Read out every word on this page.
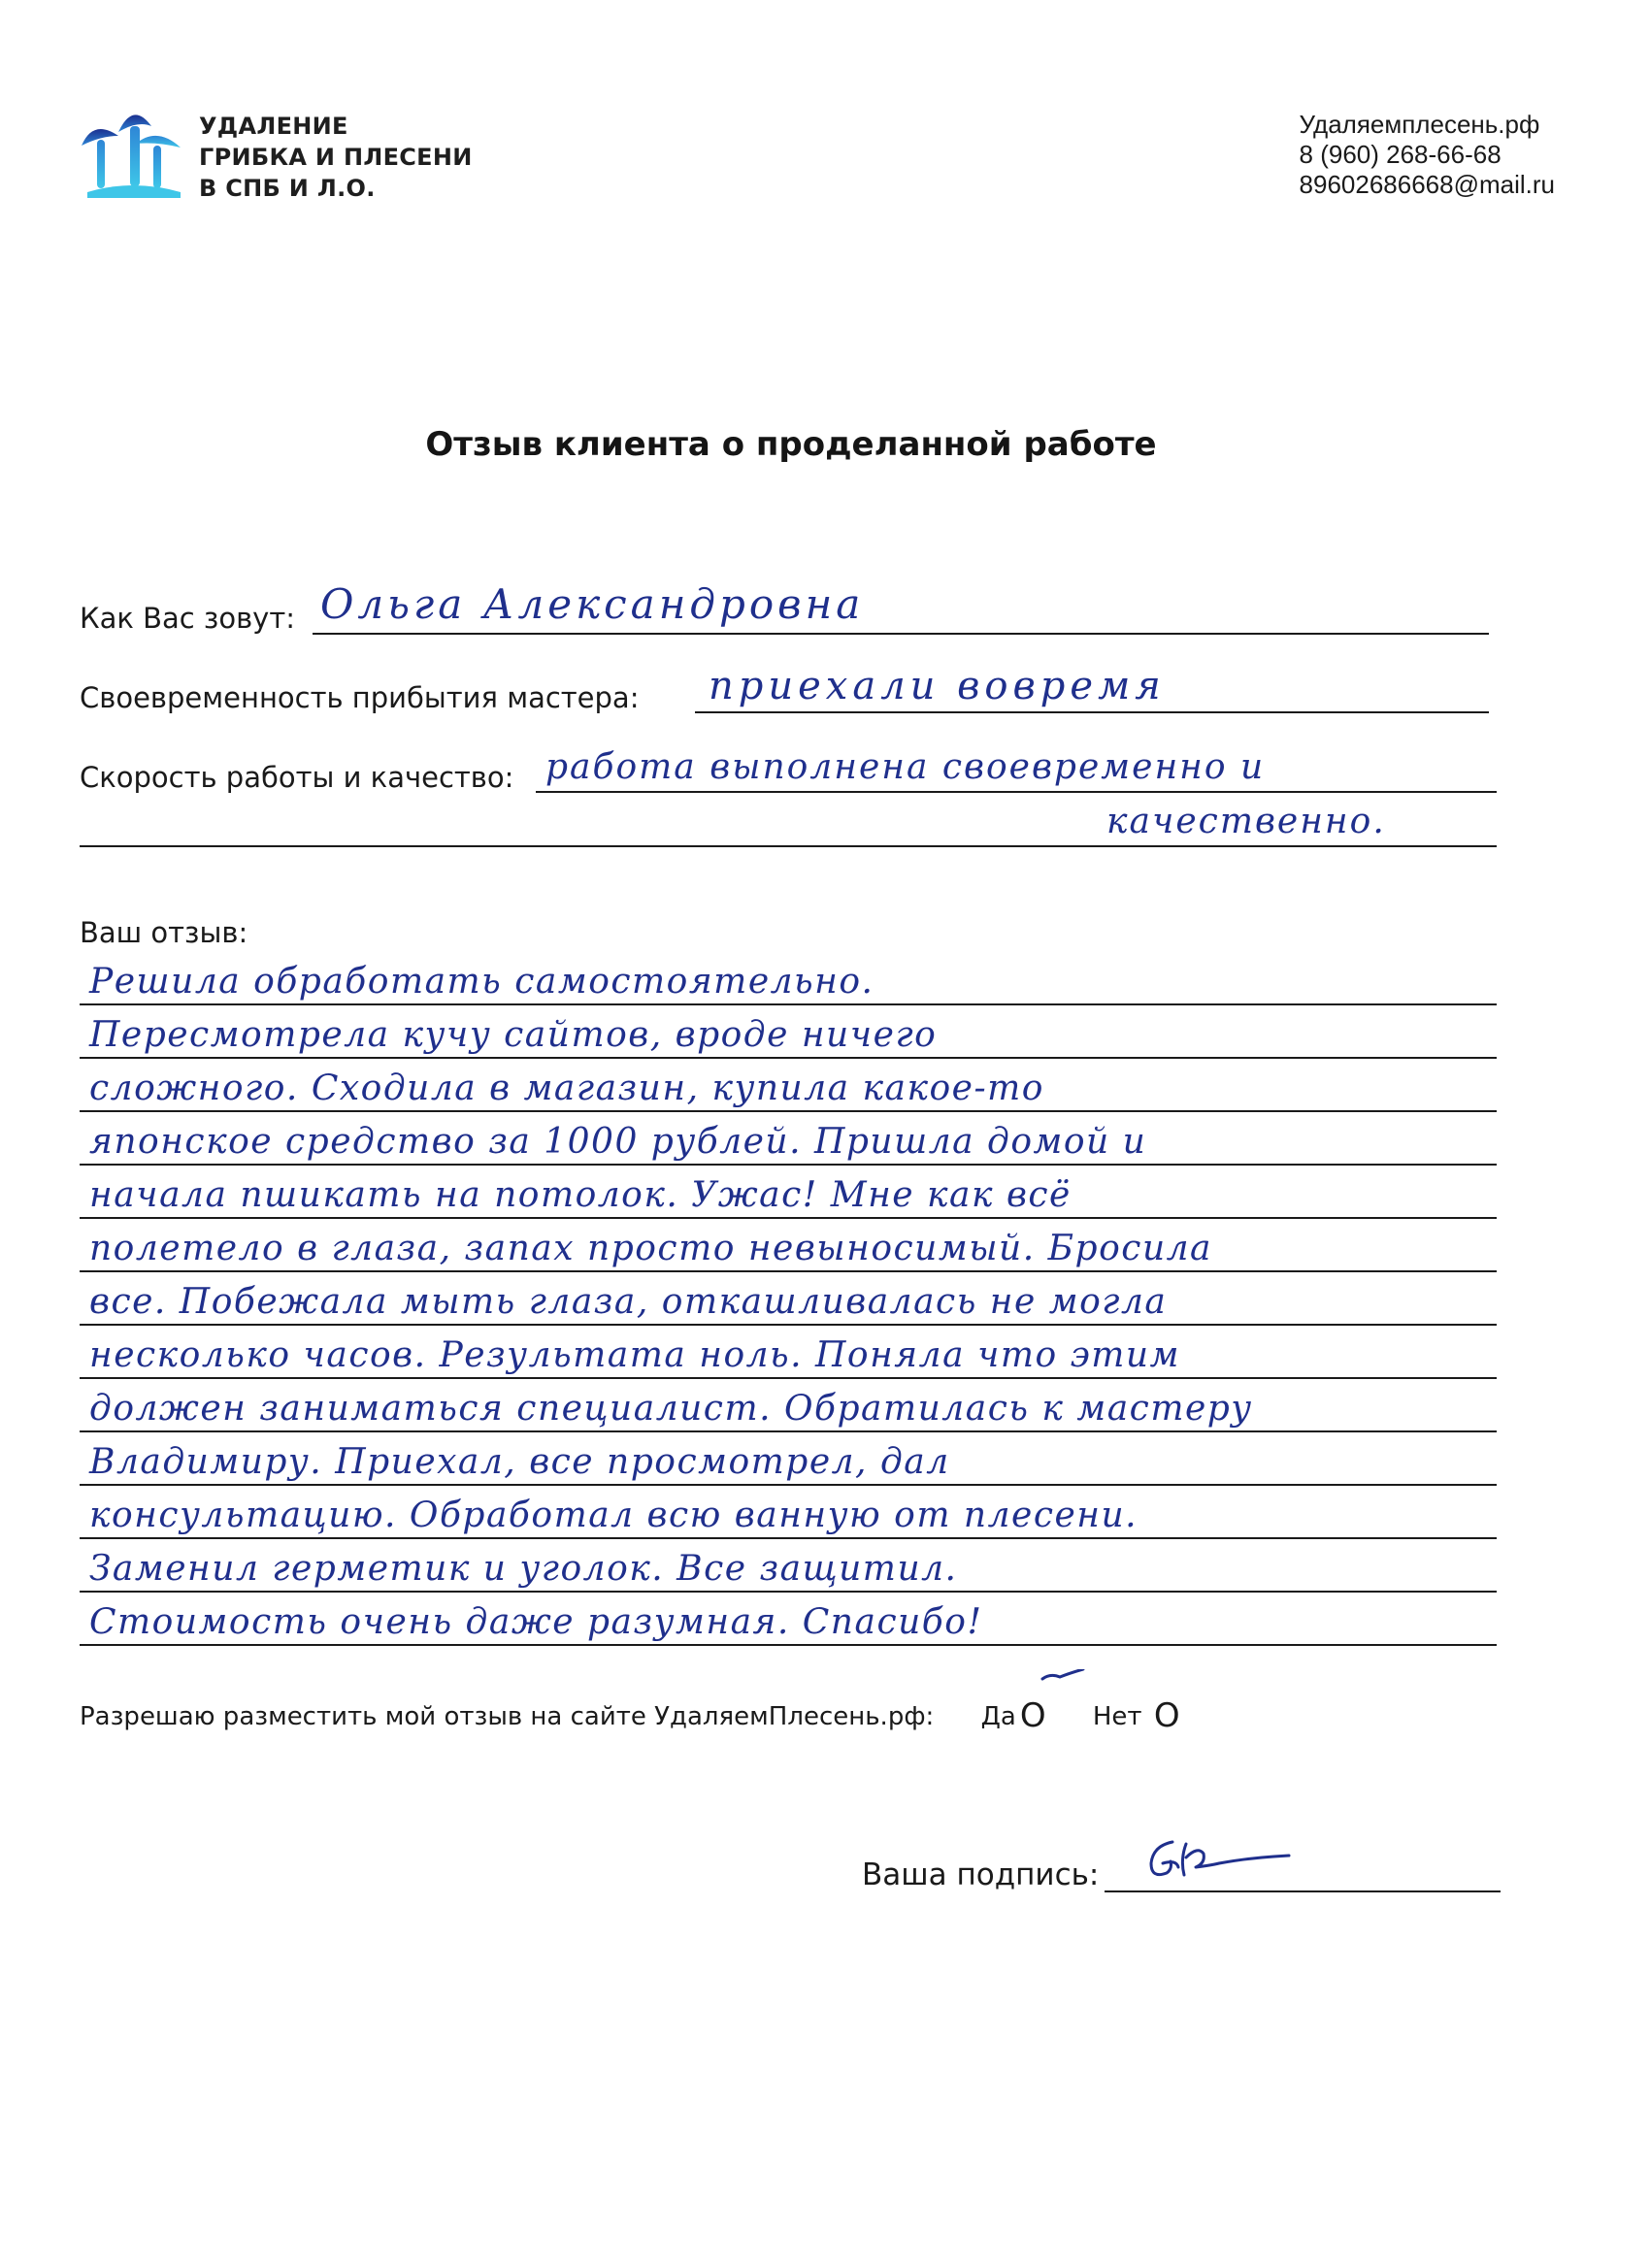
УДАЛЕНИЕ
ГРИБКА И ПЛЕСЕНИ
В СПБ И Л.О.
Удаляемплесень.рф
8 (960) 268-66-68
89602686668@mail.ru
Отзыв клиента о проделанной работе
Как Вас зовут: Ольга Александровна
Своевременность прибытия мастера: приехали вовремя
Скорость работы и качество: работа выполнена своевременно и
качественно.
Ваш отзыв:
Решила обработать самостоятельно.
Пересмотрела кучу сайтов, вроде ничего
сложного. Сходила в магазин, купила какое-то
японское средство за 1000 рублей. Пришла домой и
начала пшикать на потолок. Ужас! Мне как всё
полетело в глаза, запах просто невыносимый. Бросила
все. Побежала мыть глаза, откашливалась не могла
несколько часов. Результата ноль. Поняла что этим
должен заниматься специалист. Обратилась к мастеру
Владимиру. Приехал, все просмотрел, дал
консультацию. Обработал всю ванную от плесени.
Заменил герметик и уголок. Все защитил.
Стоимость очень даже разумная. Спасибо!
Разрешаю разместить мой отзыв на сайте УдаляемПлесень.рф: Да O Нет O
Ваша подпись:
